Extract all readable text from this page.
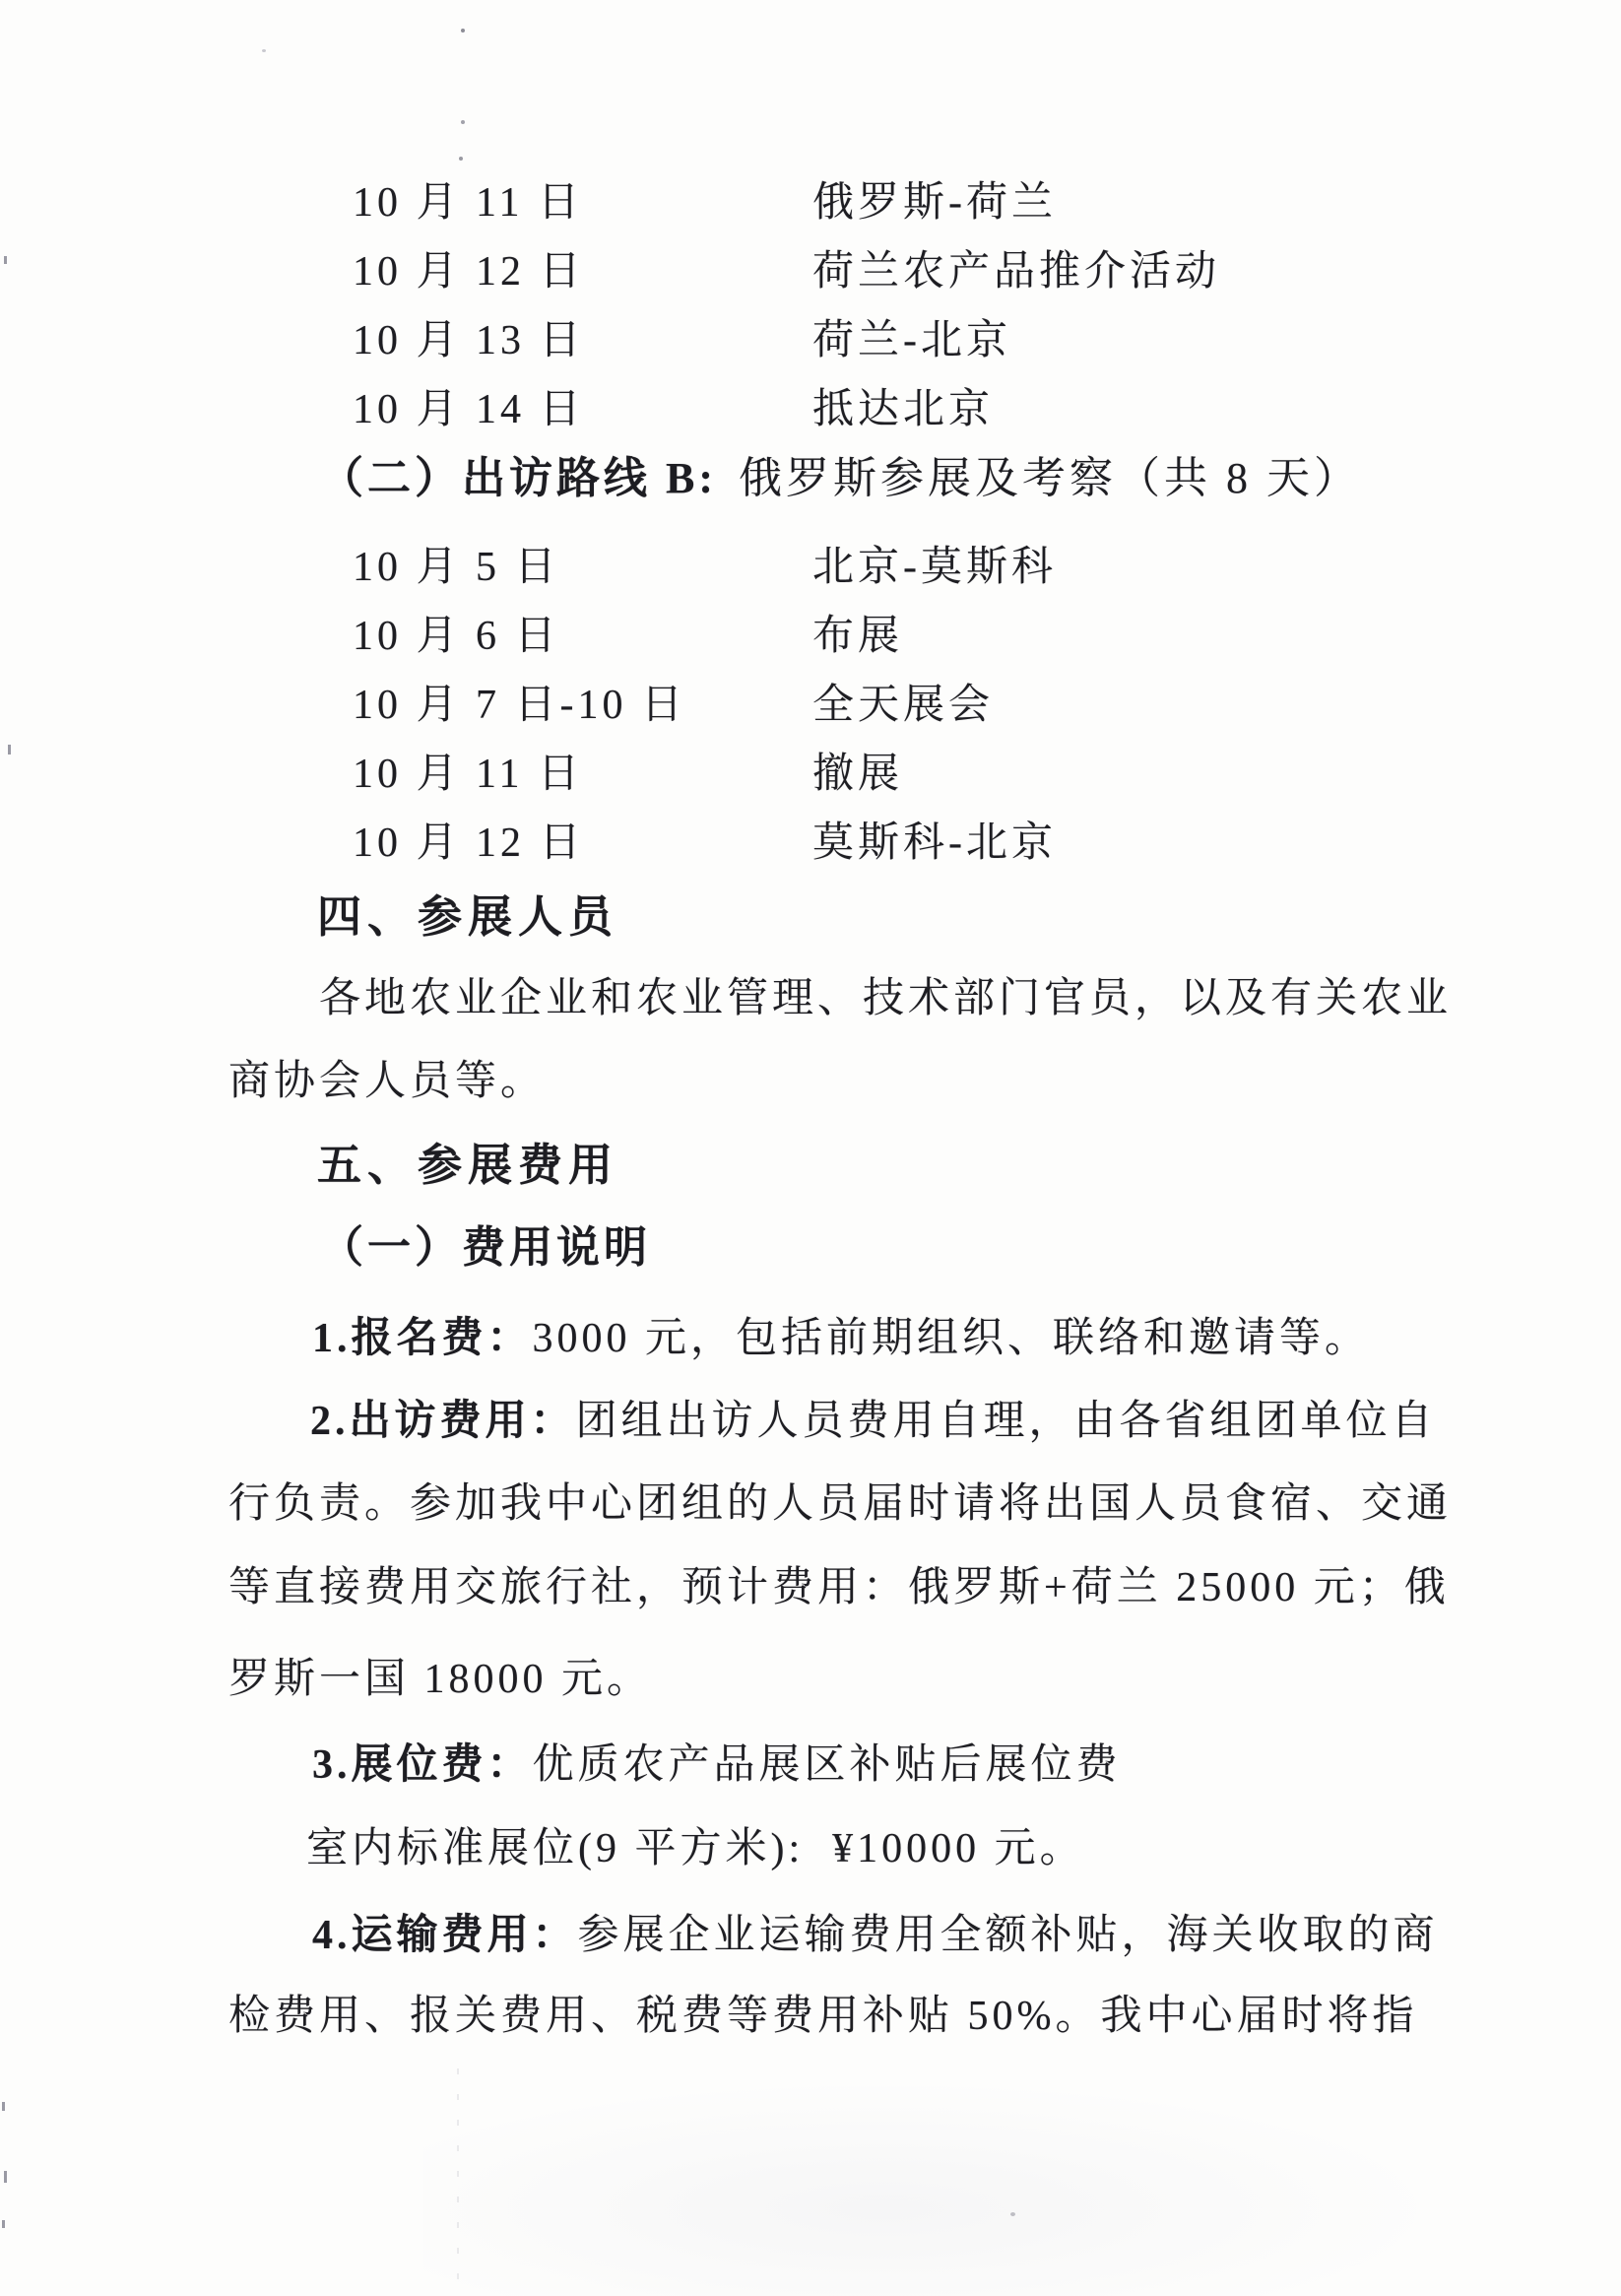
10 月 11 日	俄罗斯-荷兰
10 月 12 日	荷兰农产品推介活动
10 月 13 日	荷兰-北京
10 月 14 日	抵达北京
（二）出访路线 B: 俄罗斯参展及考察（共 8 天）
10 月 5 日	北京-莫斯科
10 月 6 日	布展
10 月 7 日-10 日	全天展会
10 月 11 日	撤展
10 月 12 日	莫斯科-北京
四、参展人员
各地农业企业和农业管理、技术部门官员，以及有关农业
商协会人员等。
五、参展费用
（一）费用说明
1.报名费：3000 元，包括前期组织、联络和邀请等。
2.出访费用：团组出访人员费用自理，由各省组团单位自
行负责。参加我中心团组的人员届时请将出国人员食宿、交通
等直接费用交旅行社，预计费用：俄罗斯+荷兰 25000 元；俄
罗斯一国 18000 元。
3.展位费：优质农产品展区补贴后展位费
室内标准展位(9 平方米):  ¥10000 元。
4.运输费用：参展企业运输费用全额补贴，海关收取的商
检费用、报关费用、税费等费用补贴 50%。我中心届时将指
